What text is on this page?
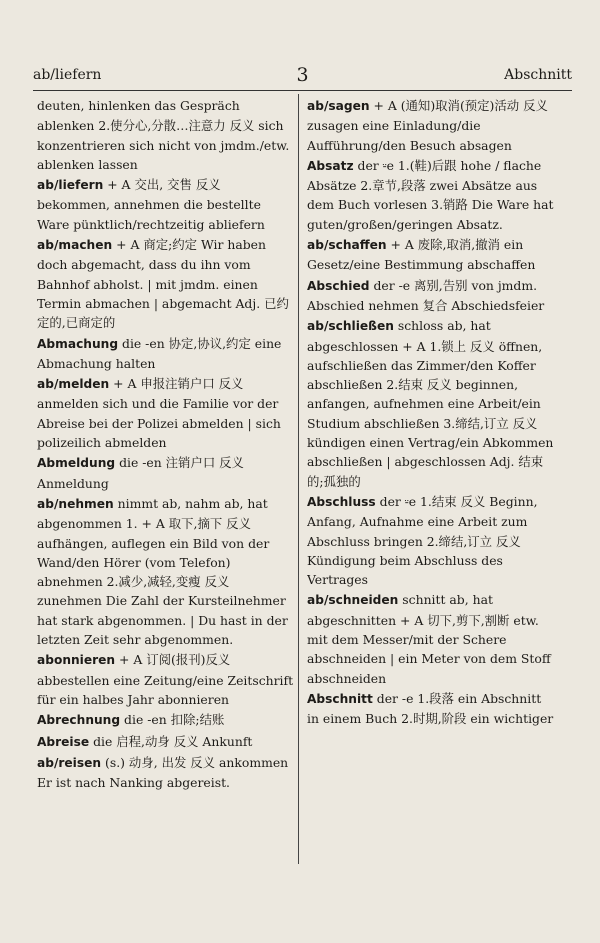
ab/liefern	3	Abschnitt
deuten, hinlenken das Gespräch ablenken 2.使分心,分散…注意力 反义 sich konzentrieren sich nicht von jmdm./etw. ablenken lassen
ab/liefern + A 交出, 交售 反义 bekommen, annehmen die bestellte Ware pünktlich/rechtzeitig abliefern
ab/machen + A 商定;约定 Wir haben doch abgemacht, dass du ihn vom Bahnhof abholst. | mit jmdm. einen Termin abmachen | abgemacht Adj. 已约定的,已商定的
Abmachung die -en 协定,协议,约定 eine Abmachung halten
ab/melden + A 申报注销户口 反义 anmelden sich und die Familie vor der Abreise bei der Polizei abmelden | sich polizeilich abmelden
Abmeldung die -en 注销户口 反义 Anmeldung
ab/nehmen nimmt ab, nahm ab, hat abgenommen 1. + A 取下,摘下 反义 aufhängen, auflegen ein Bild von der Wand/den Hörer (vom Telefon) abnehmen 2.减少,减轻,变瘦 反义 zunehmen Die Zahl der Kursteilnehmer hat stark abgenommen. | Du hast in der letzten Zeit sehr abgenommen.
abonnieren + A 订阅(报刊)反义 abbestellen eine Zeitung/eine Zeitschrift für ein halbes Jahr abonnieren
Abrechnung die -en 扣除;结账
Abreise die 启程,动身 反义 Ankunft
ab/reisen (s.) 动身, 出发 反义 ankommen Er ist nach Nanking abgereist.
ab/sagen + A (通知)取消(预定)活动 反义 zusagen eine Einladung/die Aufführung/den Besuch absagen
Absatz der ⸚e 1.(鞋)后跟 hohe / flache Absätze 2.章节,段落 zwei Absätze aus dem Buch vorlesen 3.销路 Die Ware hat guten/großen/geringen Absatz.
ab/schaffen + A 废除,取消,撤消 ein Gesetz/eine Bestimmung abschaffen
Abschied der -e 离别,告别 von jmdm. Abschied nehmen 复合 Abschiedsfeier
ab/schließen schloss ab, hat abgeschlossen + A 1.锁上 反义 öffnen, aufschließen das Zimmer/den Koffer abschließen 2.结束 反义 beginnen, anfangen, aufnehmen eine Arbeit/ein Studium abschließen 3.缔结,订立 反义 kündigen einen Vertrag/ein Abkommen abschließen | abgeschlossen Adj. 结束的;孤独的
Abschluss der ⸚e 1.结束 反义 Beginn, Anfang, Aufnahme eine Arbeit zum Abschluss bringen 2.缔结,订立 反义 Kündigung beim Abschluss des Vertrages
ab/schneiden schnitt ab, hat abgeschnitten + A 切下,剪下,割断 etw. mit dem Messer/mit der Schere abschneiden | ein Meter von dem Stoff abschneiden
Abschnitt der -e 1.段落 ein Abschnitt in einem Buch 2.时期,阶段 ein wichtiger
